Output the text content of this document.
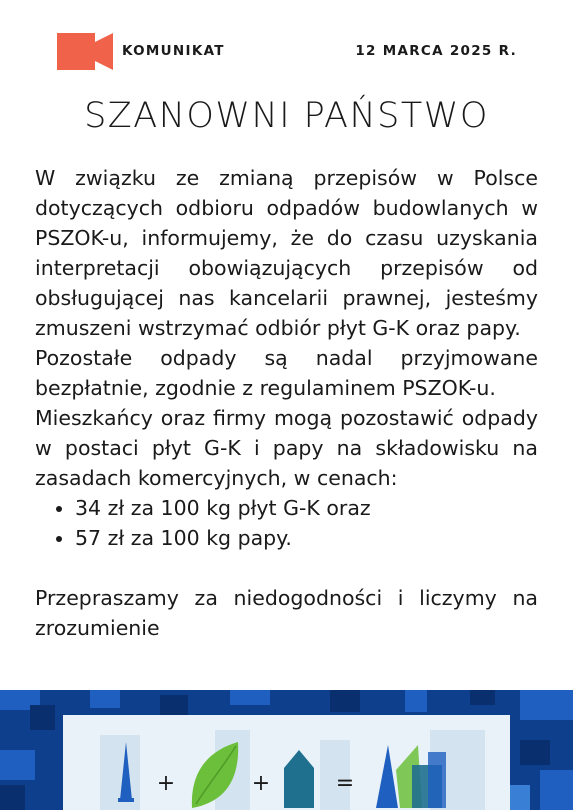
KOMUNIKAT	12 MARCA 2025 R.
SZANOWNI PAŃSTWO

W związku ze zmianą przepisów w Polsce dotyczących odbioru odpadów budowlanych w PSZOK-u, informujemy, że do czasu uzyskania interpretacji obowiązujących przepisów od obsługującej nas kancelarii prawnej, jesteśmy zmuszeni wstrzymać odbiór płyt G-K oraz papy.

Pozostałe odpady są nadal przyjmowane bezpłatnie, zgodnie z regulaminem PSZOK-u.

Mieszkańcy oraz firmy mogą pozostawić odpady w postaci płyt G-K i papy na składowisku na zasadach komercyjnych, w cenach:

• 34 zł za 100 kg płyt G-K oraz
• 57 zł za 100 kg papy.

Przepraszamy za niedogodności i liczymy na zrozumienie

+	+	=
